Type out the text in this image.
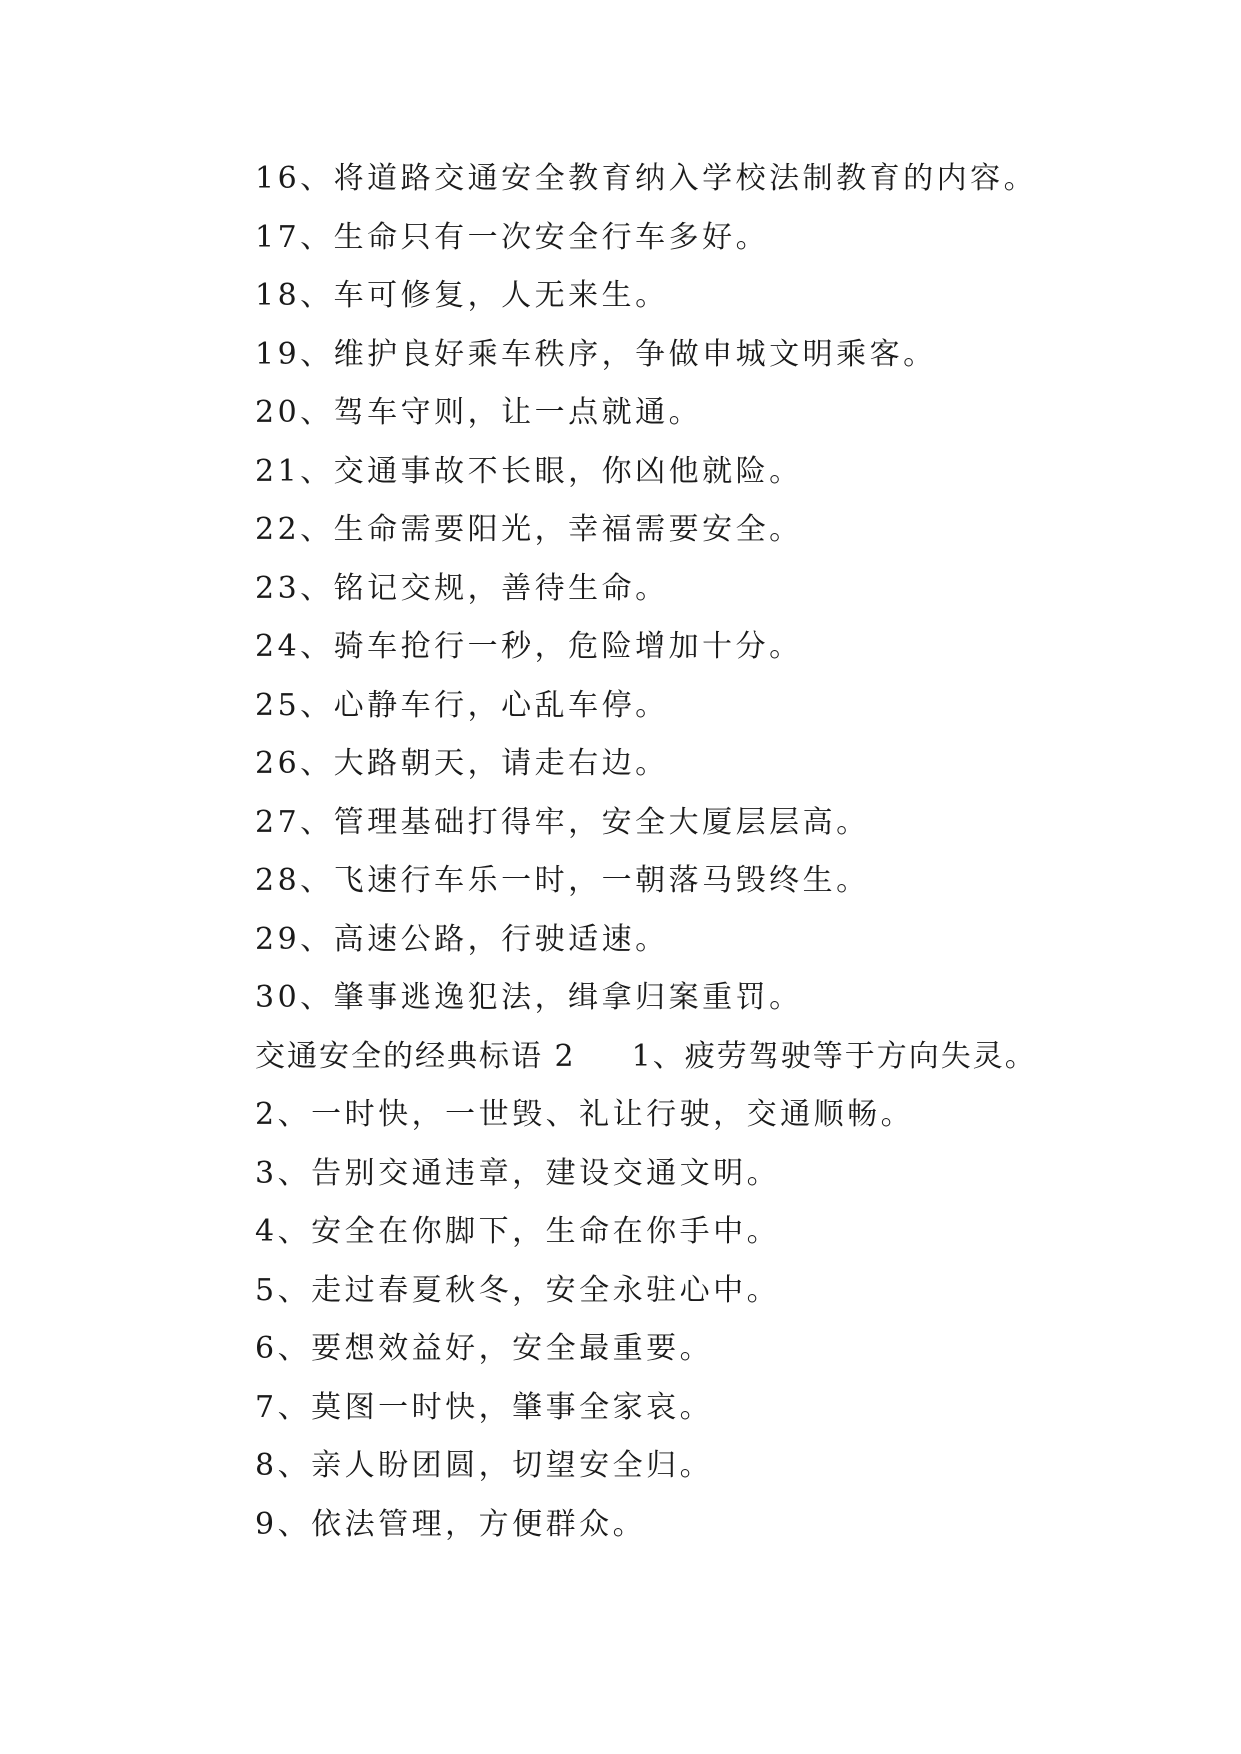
16、将道路交通安全教育纳入学校法制教育的内容。
17、生命只有一次安全行车多好。
18、车可修复，人无来生。
19、维护良好乘车秩序，争做申城文明乘客。
20、驾车守则，让一点就通。
21、交通事故不长眼，你凶他就险。
22、生命需要阳光，幸福需要安全。
23、铭记交规，善待生命。
24、骑车抢行一秒，危险增加十分。
25、心静车行，心乱车停。
26、大路朝天，请走右边。
27、管理基础打得牢，安全大厦层层高。
28、飞速行车乐一时，一朝落马毁终生。
29、高速公路，行驶适速。
30、肇事逃逸犯法，缉拿归案重罚。
交通安全的经典标语 2 1、疲劳驾驶等于方向失灵。
2、一时快，一世毁、礼让行驶，交通顺畅。
3、告别交通违章，建设交通文明。
4、安全在你脚下，生命在你手中。
5、走过春夏秋冬，安全永驻心中。
6、要想效益好，安全最重要。
7、莫图一时快，肇事全家哀。
8、亲人盼团圆，切望安全归。
9、依法管理，方便群众。
